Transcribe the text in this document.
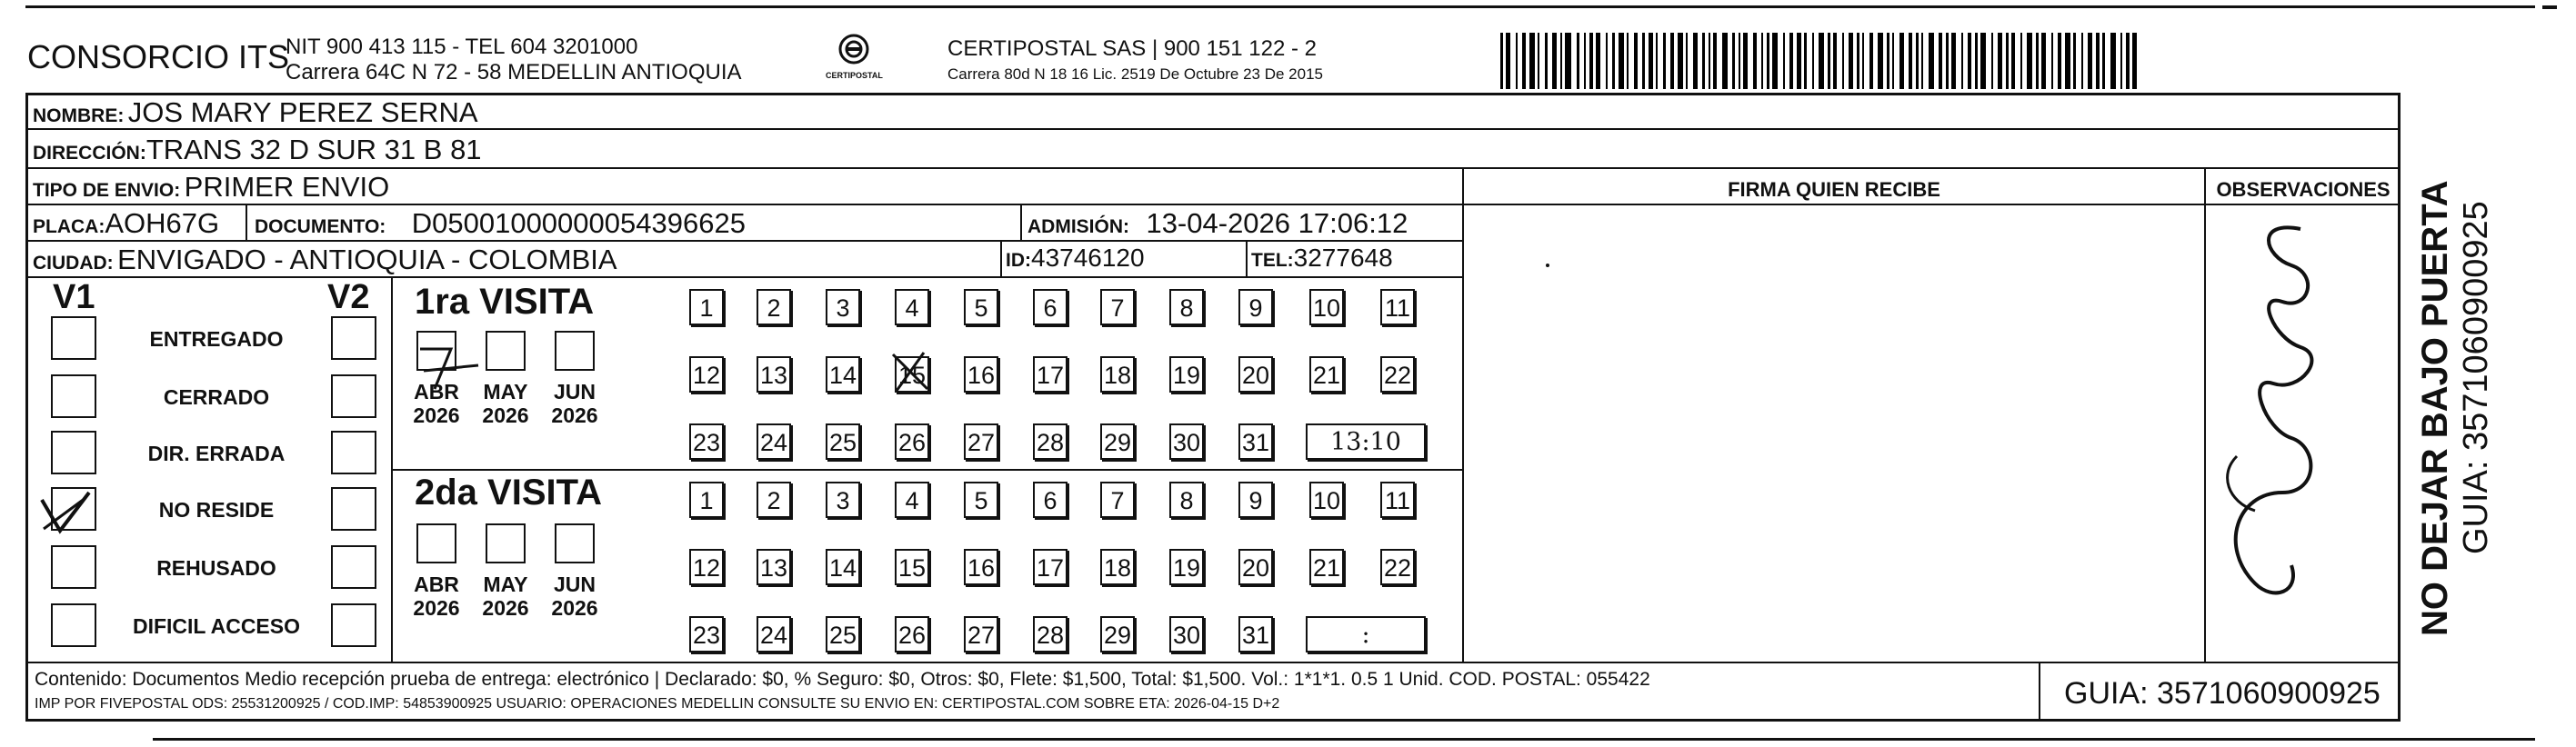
CONSORCIO ITS
NIT 900 413 115 - TEL 604 3201000
Carrera 64C N 72 - 58 MEDELLIN ANTIOQUIA	CERTIPOSTAL
CERTIPOSTAL SAS | 900 151 122 - 2
Carrera 80d N 18 16 Lic. 2519 De Octubre 23 De 2015
NOMBRE: JOS MARY PEREZ SERNA
DIRECCIÓN:TRANS 32 D SUR 31 B 81
TIPO DE ENVIO: PRIMER ENVIO
PLACA:AOH67G DOCUMENTO: D05001000000054396625	ADMISIÓN: 13-04-2026 17:06:12
CIUDAD: ENVIGADO - ANTIOQUIA - COLOMBIA	ID:43746120	TEL:3277648
FIRMA QUIEN RECIBE	OBSERVACIONES
V1	V2
ENTREGADO
CERRADO
DIR. ERRADA
NO RESIDE
REHUSADO
DIFICIL ACCESO
1ra VISITA
2da VISITA
1	2	3	4	5	6	7	8	9	10 11
12 13 14 15 16 17 18 19 20 21 22
23 24 25 26 27 28 29 30 31	13:10
ABR
2026
MAY
2026
JUN
2026
1	2	3	4	5	6	7	8	9	10 11
12 13 14 15 16 17 18 19 20 21 22
23 24 25 26 27 28 29 30 31	:
ABR
2026
MAY
2026
JUN
2026
Contenido: Documentos Medio recepción prueba de entrega: electrónico | Declarado: $0, % Seguro: $0, Otros: $0, Flete: $1,500, Total: $1,500. Vol.: 1*1*1. 0.5 1 Unid. COD. POSTAL: 055422
IMP POR FIVEPOSTAL ODS: 25531200925 / COD.IMP: 54853900925 USUARIO: OPERACIONES MEDELLIN CONSULTE SU ENVIO EN: CERTIPOSTAL.COM SOBRE ETA: 2026-04-15 D+2	GUIA: 3571060900925
NO DEJAR BAJO PUERTA GUIA: 3571060900925
